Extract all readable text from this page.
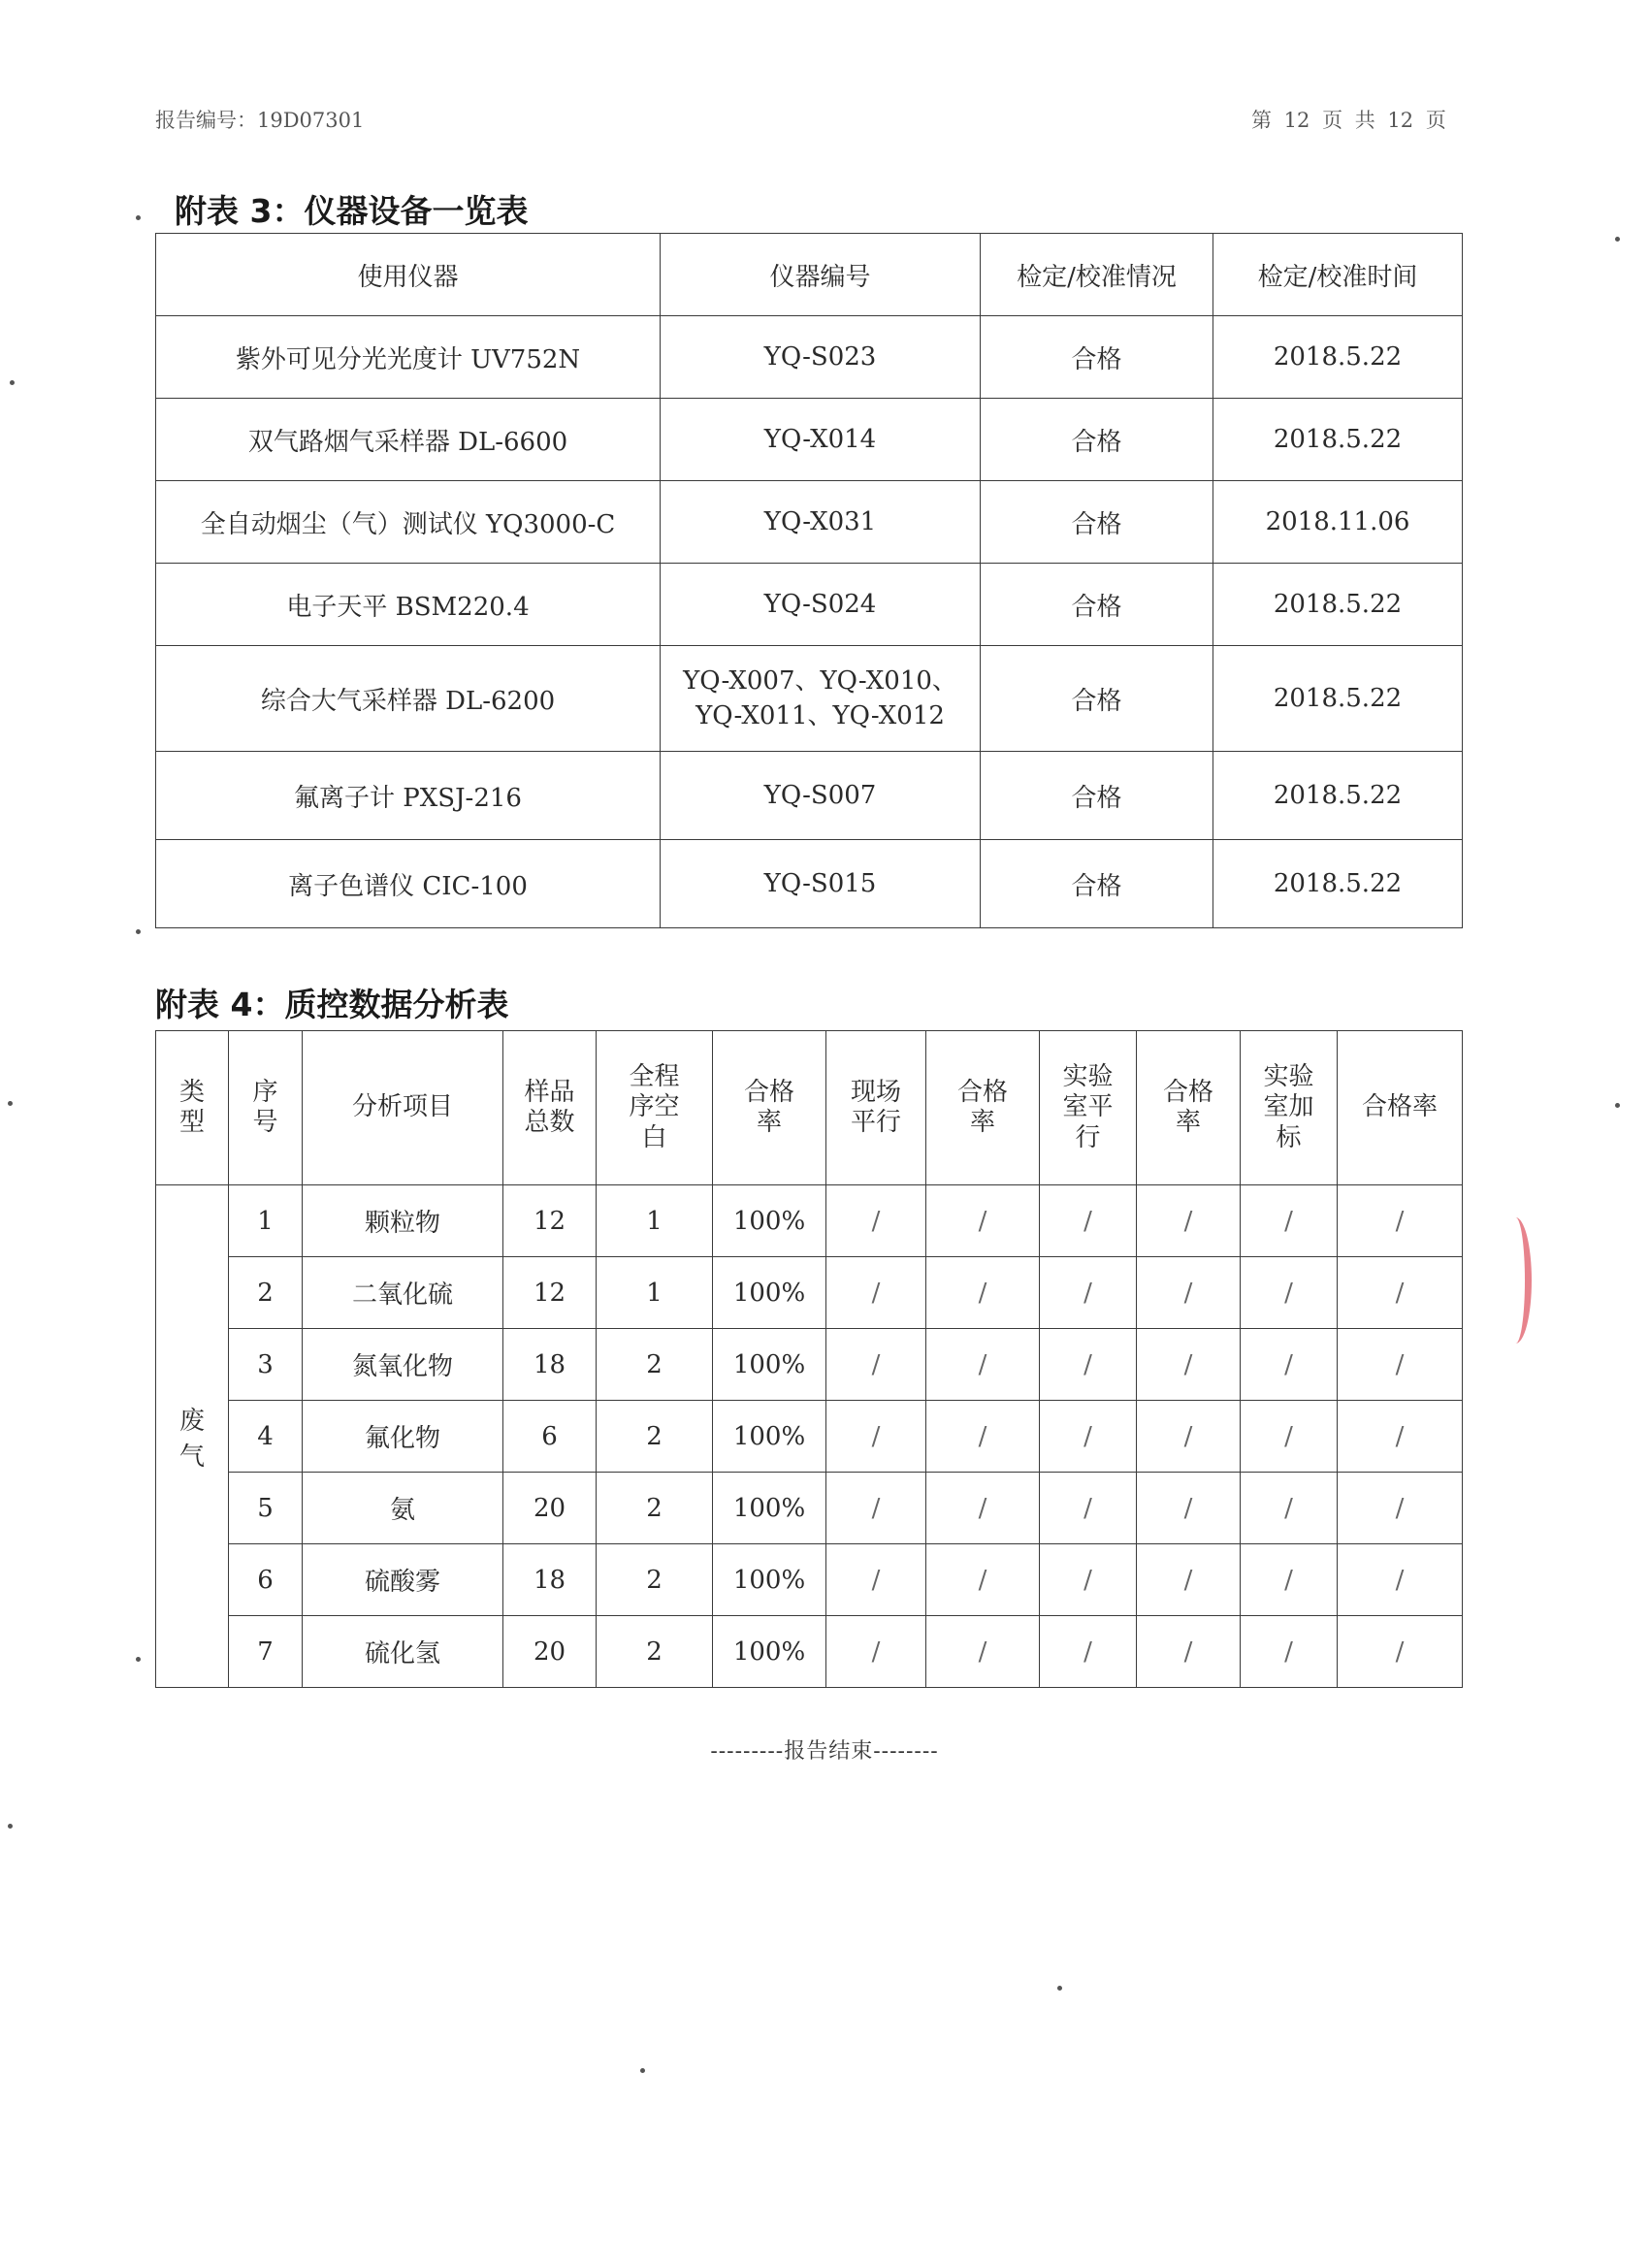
报告编号：19D07301	第 12 页 共 12 页
附表 3：仪器设备一览表
使用仪器	仪器编号	检定/校准情况	检定/校准时间
紫外可见分光光度计 UV752N	YQ-S023	合格	2018.5.22
双气路烟气采样器 DL-6600	YQ-X014	合格	2018.5.22
全自动烟尘（气）测试仪 YQ3000-C	YQ-X031	合格	2018.11.06
电子天平 BSM220.4	YQ-S024	合格	2018.5.22
综合大气采样器 DL-6200	YQ-X007、YQ-X010、YQ-X011、YQ-X012	合格	2018.5.22
氟离子计 PXSJ-216	YQ-S007	合格	2018.5.22
离子色谱仪 CIC-100	YQ-S015	合格	2018.5.22
附表 4：质控数据分析表
类型	序号	分析项目	样品总数	全程序空白	合格率	现场平行	合格率	实验室平行	合格率	实验室加标	合格率
废气	1	颗粒物	12	1	100%	/	/	/	/	/	/
	2	二氧化硫	12	1	100%	/	/	/	/	/	/
	3	氮氧化物	18	2	100%	/	/	/	/	/	/
	4	氟化物	6	2	100%	/	/	/	/	/	/
	5	氨	20	2	100%	/	/	/	/	/	/
	6	硫酸雾	18	2	100%	/	/	/	/	/	/
	7	硫化氢	20	2	100%	/	/	/	/	/	/
---------报告结束--------
